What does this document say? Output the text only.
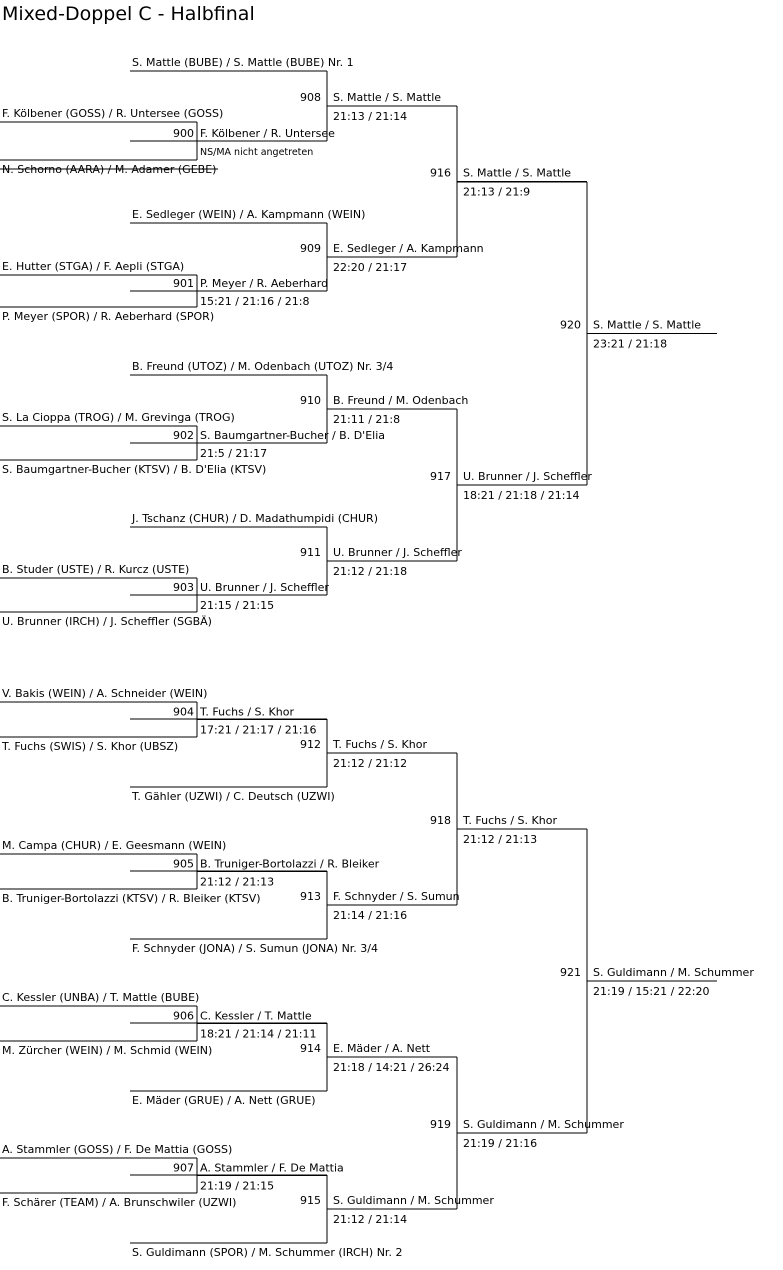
Mixed-Doppel C - Halbfinal
F. Kölbener (GOSS) / R. Untersee (GOSS)
N. Schorno (AARA) / M. Adamer (GEBE)
900 F. Kölbener / R. Untersee
NS/MA nicht angetreten
E. Hutter (STGA) / F. Aepli (STGA)
P. Meyer (SPOR) / R. Aeberhard (SPOR)
901 P. Meyer / R. Aeberhard
15:21 / 21:16 / 21:8
S. La Cioppa (TROG) / M. Grevinga (TROG)
S. Baumgartner-Bucher (KTSV) / B. D'Elia (KTSV)
902 S. Baumgartner-Bucher / B. D'Elia
21:5 / 21:17
B. Studer (USTE) / R. Kurcz (USTE)
U. Brunner (IRCH) / J. Scheffler (SGBÄ)
903 U. Brunner / J. Scheffler
21:15 / 21:15
V. Bakis (WEIN) / A. Schneider (WEIN)
T. Fuchs (SWIS) / S. Khor (UBSZ)
904 T. Fuchs / S. Khor
17:21 / 21:17 / 21:16
M. Campa (CHUR) / E. Geesmann (WEIN)
B. Truniger-Bortolazzi (KTSV) / R. Bleiker (KTSV)
905 B. Truniger-Bortolazzi / R. Bleiker
21:12 / 21:13
C. Kessler (UNBA) / T. Mattle (BUBE)
M. Zürcher (WEIN) / M. Schmid (WEIN)
906 C. Kessler / T. Mattle
18:21 / 21:14 / 21:11
A. Stammler (GOSS) / F. De Mattia (GOSS)
F. Schärer (TEAM) / A. Brunschwiler (UZWI)
907 A. Stammler / F. De Mattia
21:19 / 21:15
S. Mattle (BUBE) / S. Mattle (BUBE) Nr. 1
908 S. Mattle / S. Mattle
21:13 / 21:14
E. Sedleger (WEIN) / A. Kampmann (WEIN)
909 E. Sedleger / A. Kampmann
22:20 / 21:17
B. Freund (UTOZ) / M. Odenbach (UTOZ) Nr. 3/4
910 B. Freund / M. Odenbach
21:11 / 21:8
J. Tschanz (CHUR) / D. Madathumpidi (CHUR)
911 U. Brunner / J. Scheffler
21:12 / 21:18
T. Gähler (UZWI) / C. Deutsch (UZWI)
912 T. Fuchs / S. Khor
21:12 / 21:12
F. Schnyder (JONA) / S. Sumun (JONA) Nr. 3/4
913 F. Schnyder / S. Sumun
21:14 / 21:16
E. Mäder (GRUE) / A. Nett (GRUE)
914 E. Mäder / A. Nett
21:18 / 14:21 / 26:24
S. Guldimann (SPOR) / M. Schummer (IRCH) Nr. 2
915 S. Guldimann / M. Schummer
21:12 / 21:14
916 S. Mattle / S. Mattle
21:13 / 21:9
917 U. Brunner / J. Scheffler
18:21 / 21:18 / 21:14
918 T. Fuchs / S. Khor
21:12 / 21:13
919 S. Guldimann / M. Schummer
21:19 / 21:16
920 S. Mattle / S. Mattle
23:21 / 21:18
921 S. Guldimann / M. Schummer
21:19 / 15:21 / 22:20
